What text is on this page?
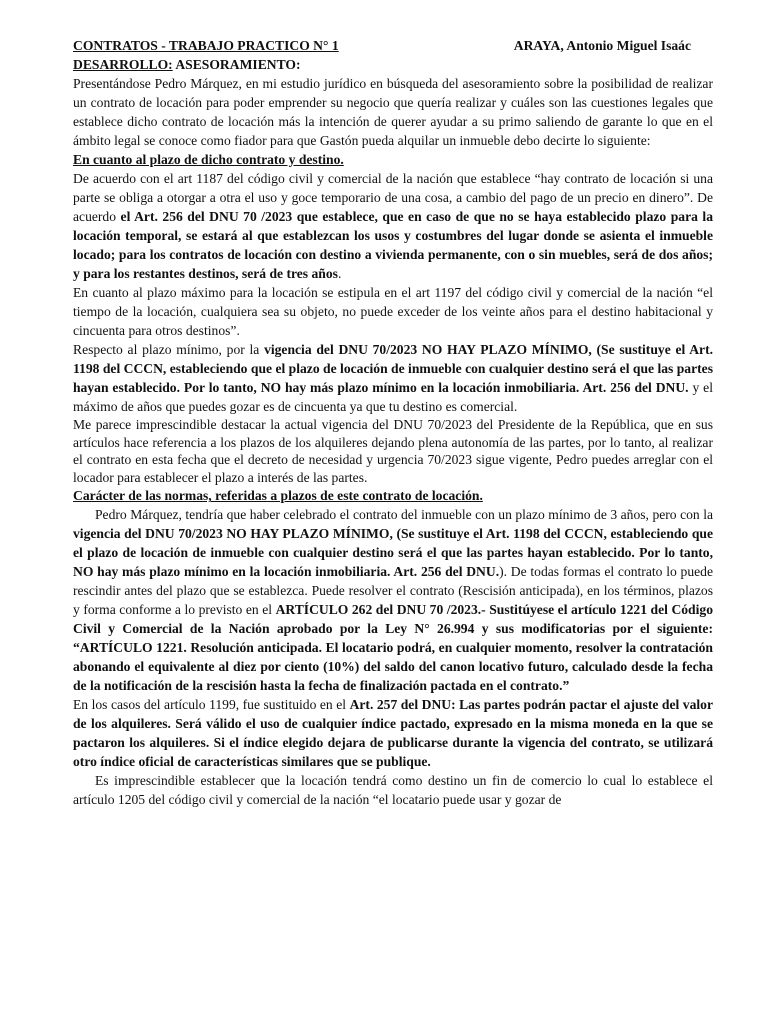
CONTRATOS - TRABAJO PRACTICO N° 1	ARAYA, Antonio Miguel Isaác
DESARROLLO: ASESORAMIENTO:

Presentándose Pedro Márquez, en mi estudio jurídico en búsqueda del asesoramiento sobre la posibilidad de realizar un contrato de locación para poder emprender su negocio que quería realizar y cuáles son las cuestiones legales que establece dicho contrato de locación más la intención de querer ayudar a su primo saliendo de garante lo que en el ámbito legal se conoce como fiador para que Gastón pueda alquilar un inmueble debo decirte lo siguiente:

En cuanto al plazo de dicho contrato y destino.

De acuerdo con el art 1187 del código civil y comercial de la nación que establece “hay contrato de locación si una parte se obliga a otorgar a otra el uso y goce temporario de una cosa, a cambio del pago de un precio en dinero”. De acuerdo el Art. 256 del DNU 70 /2023 que establece, que en caso de que no se haya establecido plazo para la locación temporal, se estará al que establezcan los usos y costumbres del lugar donde se asienta el inmueble locado; para los contratos de locación con destino a vivienda permanente, con o sin muebles, será de dos años; y para los restantes destinos, será de tres años.

En cuanto al plazo máximo para la locación se estipula en el art 1197 del código civil y comercial de la nación “el tiempo de la locación, cualquiera sea su objeto, no puede exceder de los veinte años para el destino habitacional y cincuenta para otros destinos”.

Respecto al plazo mínimo, por la vigencia del DNU 70/2023 NO HAY PLAZO MÍNIMO, (Se sustituye el Art. 1198 del CCCN, estableciendo que el plazo de locación de inmueble con cualquier destino será el que las partes hayan establecido. Por lo tanto, NO hay más plazo mínimo en la locación inmobiliaria. Art. 256 del DNU. y el máximo de años que puedes gozar es de cincuenta ya que tu destino es comercial.

Me parece imprescindible destacar la actual vigencia del DNU 70/2023 del Presidente de la República, que en sus artículos hace referencia a los plazos de los alquileres dejando plena autonomía de las partes, por lo tanto, al realizar el contrato en esta fecha que el decreto de necesidad y urgencia 70/2023 sigue vigente, Pedro puedes arreglar con el locador para establecer el plazo a interés de las partes.

Carácter de las normas, referidas a plazos de este contrato de locación.

Pedro Márquez, tendría que haber celebrado el contrato del inmueble con un plazo mínimo de 3 años, pero con la vigencia del DNU 70/2023 NO HAY PLAZO MÍNIMO, (Se sustituye el Art. 1198 del CCCN, estableciendo que el plazo de locación de inmueble con cualquier destino será el que las partes hayan establecido. Por lo tanto, NO hay más plazo mínimo en la locación inmobiliaria. Art. 256 del DNU.). De todas formas el contrato lo puede rescindir antes del plazo que se establezca. Puede resolver el contrato (Rescisión anticipada), en los términos, plazos y forma conforme a lo previsto en el ARTÍCULO 262 del DNU 70 /2023.- Sustitúyese el artículo 1221 del Código Civil y Comercial de la Nación aprobado por la Ley N° 26.994 y sus modificatorias por el siguiente: “ARTÍCULO 1221. Resolución anticipada. El locatario podrá, en cualquier momento, resolver la contratación abonando el equivalente al diez por ciento (10%) del saldo del canon locativo futuro, calculado desde la fecha de la notificación de la rescisión hasta la fecha de finalización pactada en el contrato.”

En los casos del artículo 1199, fue sustituido en el Art. 257 del DNU: Las partes podrán pactar el ajuste del valor de los alquileres. Será válido el uso de cualquier índice pactado, expresado en la misma moneda en la que se pactaron los alquileres. Si el índice elegido dejara de publicarse durante la vigencia del contrato, se utilizará otro índice oficial de características similares que se publique.

Es imprescindible establecer que la locación tendrá como destino un fin de comercio lo cual lo establece el artículo 1205 del código civil y comercial de la nación “el locatario puede usar y gozar de
